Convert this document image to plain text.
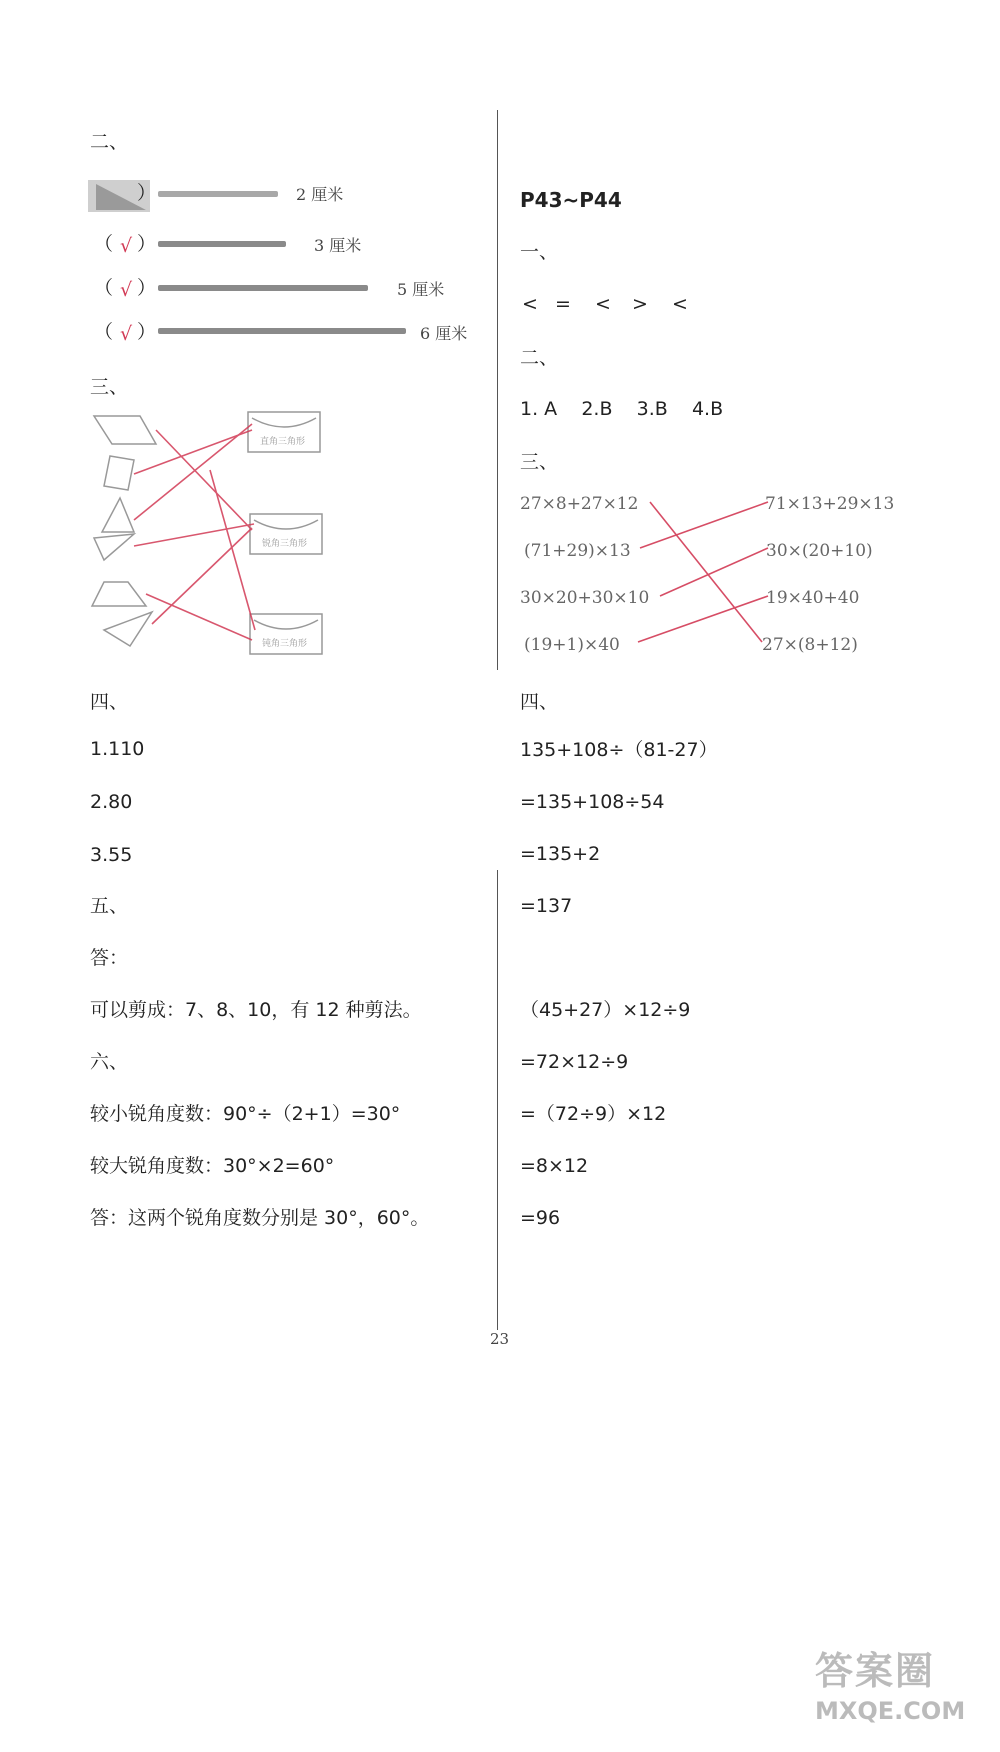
二、
）	2 厘米
（ √ ）	3 厘米
（ √ ）	5 厘米
（ √ ）	6 厘米
三、
直角三角形
锐角三角形
钝角三角形
四、
1.110
2.80
3.55
五、
答：
可以剪成：7、8、10，有 12 种剪法。
六、
较小锐角度数：90°÷（2+1）=30°
较大锐角度数：30°×2=60°
答：这两个锐角度数分别是 30°，60°。
P43~P44
一、
< = < > <
二、
1. A    2.B    3.B    4.B
三、
27×8+27×12
(71+29)×13
30×20+30×10
(19+1)×40
71×13+29×13
30×(20+10)
19×40+40
27×(8+12)
四、
135+108÷（81-27）
=135+108÷54
=135+2
=137
（45+27）×12÷9
=72×12÷9
=（72÷9）×12
=8×12
=96
23
答案圈
MXQE.COM
